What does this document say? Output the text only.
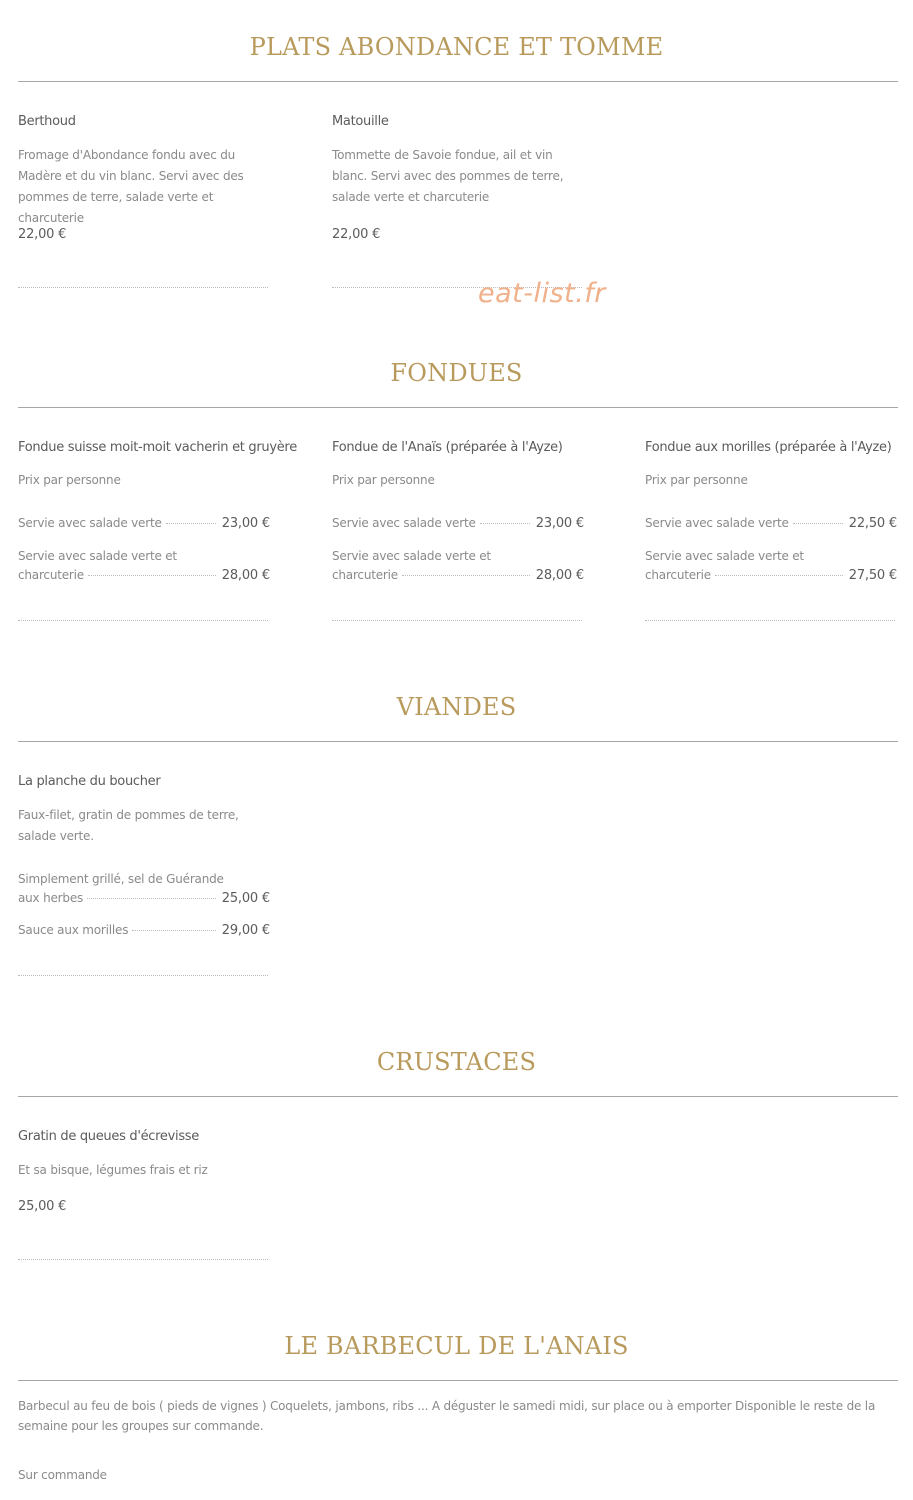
PLATS ABONDANCE ET TOMME
Berthoud
Fromage d'Abondance fondu avec du Madère et du vin blanc. Servi avec des pommes de terre, salade verte et charcuterie
22,00 €
Matouille
Tommette de Savoie fondue, ail et vin blanc. Servi avec des pommes de terre, salade verte et charcuterie
22,00 €
eat-list.fr
FONDUES
Fondue suisse moit-moit vacherin et gruyère
Prix par personne
Servie avec salade verte	23,00 €
Servie avec salade verte et
charcuterie	28,00 €
Fondue de l'Anaïs (préparée à l'Ayze)
Prix par personne
Servie avec salade verte	23,00 €
Servie avec salade verte et
charcuterie	28,00 €
Fondue aux morilles (préparée à l'Ayze)
Prix par personne
Servie avec salade verte	22,50 €
Servie avec salade verte et
charcuterie	27,50 €
VIANDES
La planche du boucher
Faux-filet, gratin de pommes de terre, salade verte.
Simplement grillé, sel de Guérande
aux herbes	25,00 €
Sauce aux morilles	29,00 €
CRUSTACES
Gratin de queues d'écrevisse
Et sa bisque, légumes frais et riz
25,00 €
LE BARBECUL DE L'ANAIS
Barbecul au feu de bois ( pieds de vignes ) Coquelets, jambons, ribs ... A déguster le samedi midi, sur place ou à emporter Disponible le reste de la semaine pour les groupes sur commande.
Sur commande
